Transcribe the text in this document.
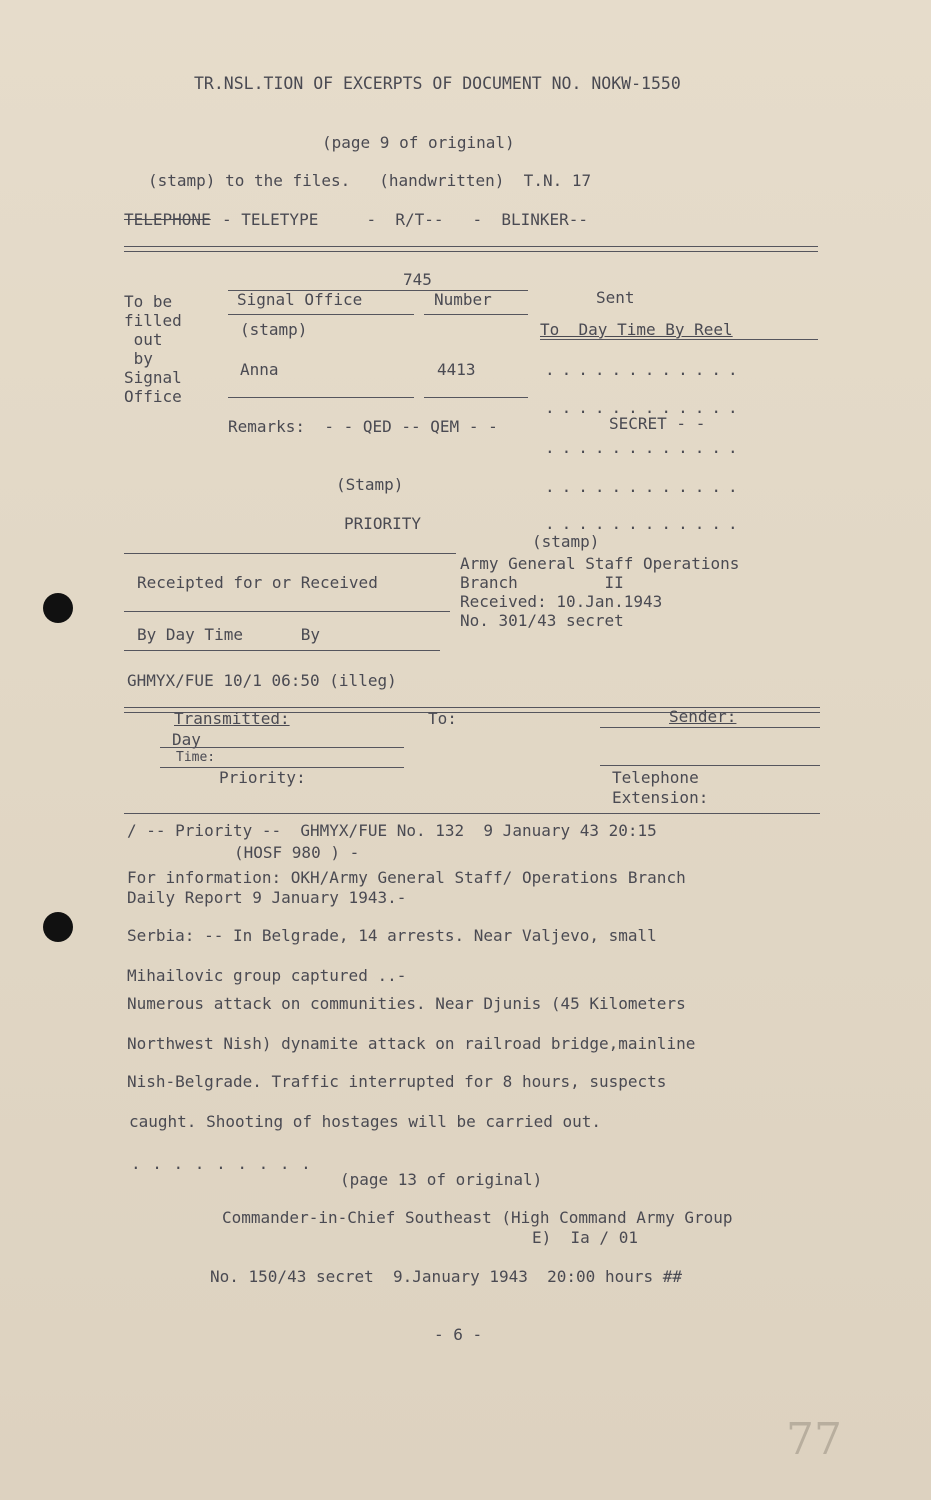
TR.NSL.TION OF EXCERPTS OF DOCUMENT NO. NOKW-1550
(page 9 of original)
(stamp) to the files.   (handwritten)  T.N. 17
TELEPHONE - TELETYPE     -  R/T--   -  BLINKER--
To be
filled
out
by
Signal
Office
745
Signal Office	Number	Sent
(stamp)	To  Day Time By Reel
Anna	4413	............
............
Remarks:  - - QED -- QEM - -	SECRET - -
............
(Stamp)	............
PRIORITY	............
(stamp)
Army General Staff Operations
Branch         II
Received: 10.Jan.1943
No. 301/43 secret
Receipted for or Received
By Day Time      By
GHMYX/FUE 10/1 06:50 (illeg)
Transmitted:	To:	Sender:
Day
Time:
Priority:	Telephone
Extension:
/ -- Priority --  GHMYX/FUE No. 132  9 January 43 20:15
(HOSF 980 ) -
For information: OKH/Army General Staff/ Operations Branch
Daily Report 9 January 1943.-
Serbia: -- In Belgrade, 14 arrests. Near Valjevo, small
Mihailovic group captured ..-
Numerous attack on communities. Near Djunis (45 Kilometers
Northwest Nish) dynamite attack on railroad bridge,mainline
Nish-Belgrade. Traffic interrupted for 8 hours, suspects
caught. Shooting of hostages will be carried out.
. . . . . . . . .
(page 13 of original)
Commander-in-Chief Southeast (High Command Army Group
E)  Ia / 01
No. 150/43 secret  9.January 1943  20:00 hours ##
- 6 -
77
